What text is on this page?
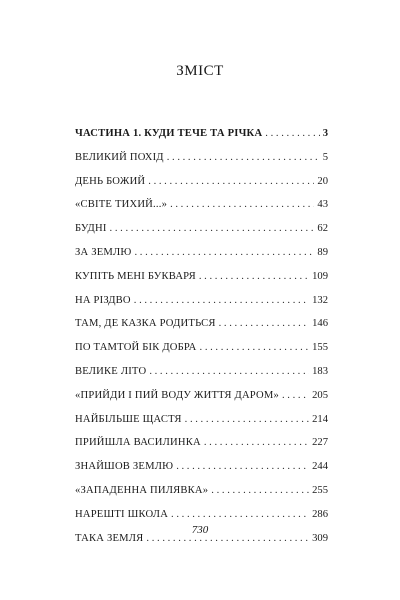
ЗМІСТ
ЧАСТИНА 1. КУДИ ТЕЧЕ ТА РІЧКА . . .	3
ВЕЛИКИЙ ПОХІД . . .	5
ДЕНЬ БОЖИЙ . . .	20
«СВІТЕ ТИХИЙ...» . . .	43
БУДНІ . . .	62
ЗА ЗЕМЛЮ . . .	89
КУПІТЬ МЕНІ БУКВАРЯ . . .	109
НА РІЗДВО . . .	132
ТАМ, ДЕ КАЗКА РОДИТЬСЯ . . .	146
ПО ТАМТОЙ БІК ДОБРА . . .	155
ВЕЛИКЕ ЛІТО . . .	183
«ПРИЙДИ І ПИЙ ВОДУ ЖИТТЯ ДАРОМ» . . .	205
НАЙБІЛЬШЕ ЩАСТЯ . . .	214
ПРИЙШЛА ВАСИЛИНКА . . .	227
ЗНАЙШОВ ЗЕМЛЮ . . .	244
«ЗАПАДЕННА ПИЛЯВКА» . . .	255
НАРЕШТІ ШКОЛА . . .	286
ТАКА ЗЕМЛЯ . . .	309
730
